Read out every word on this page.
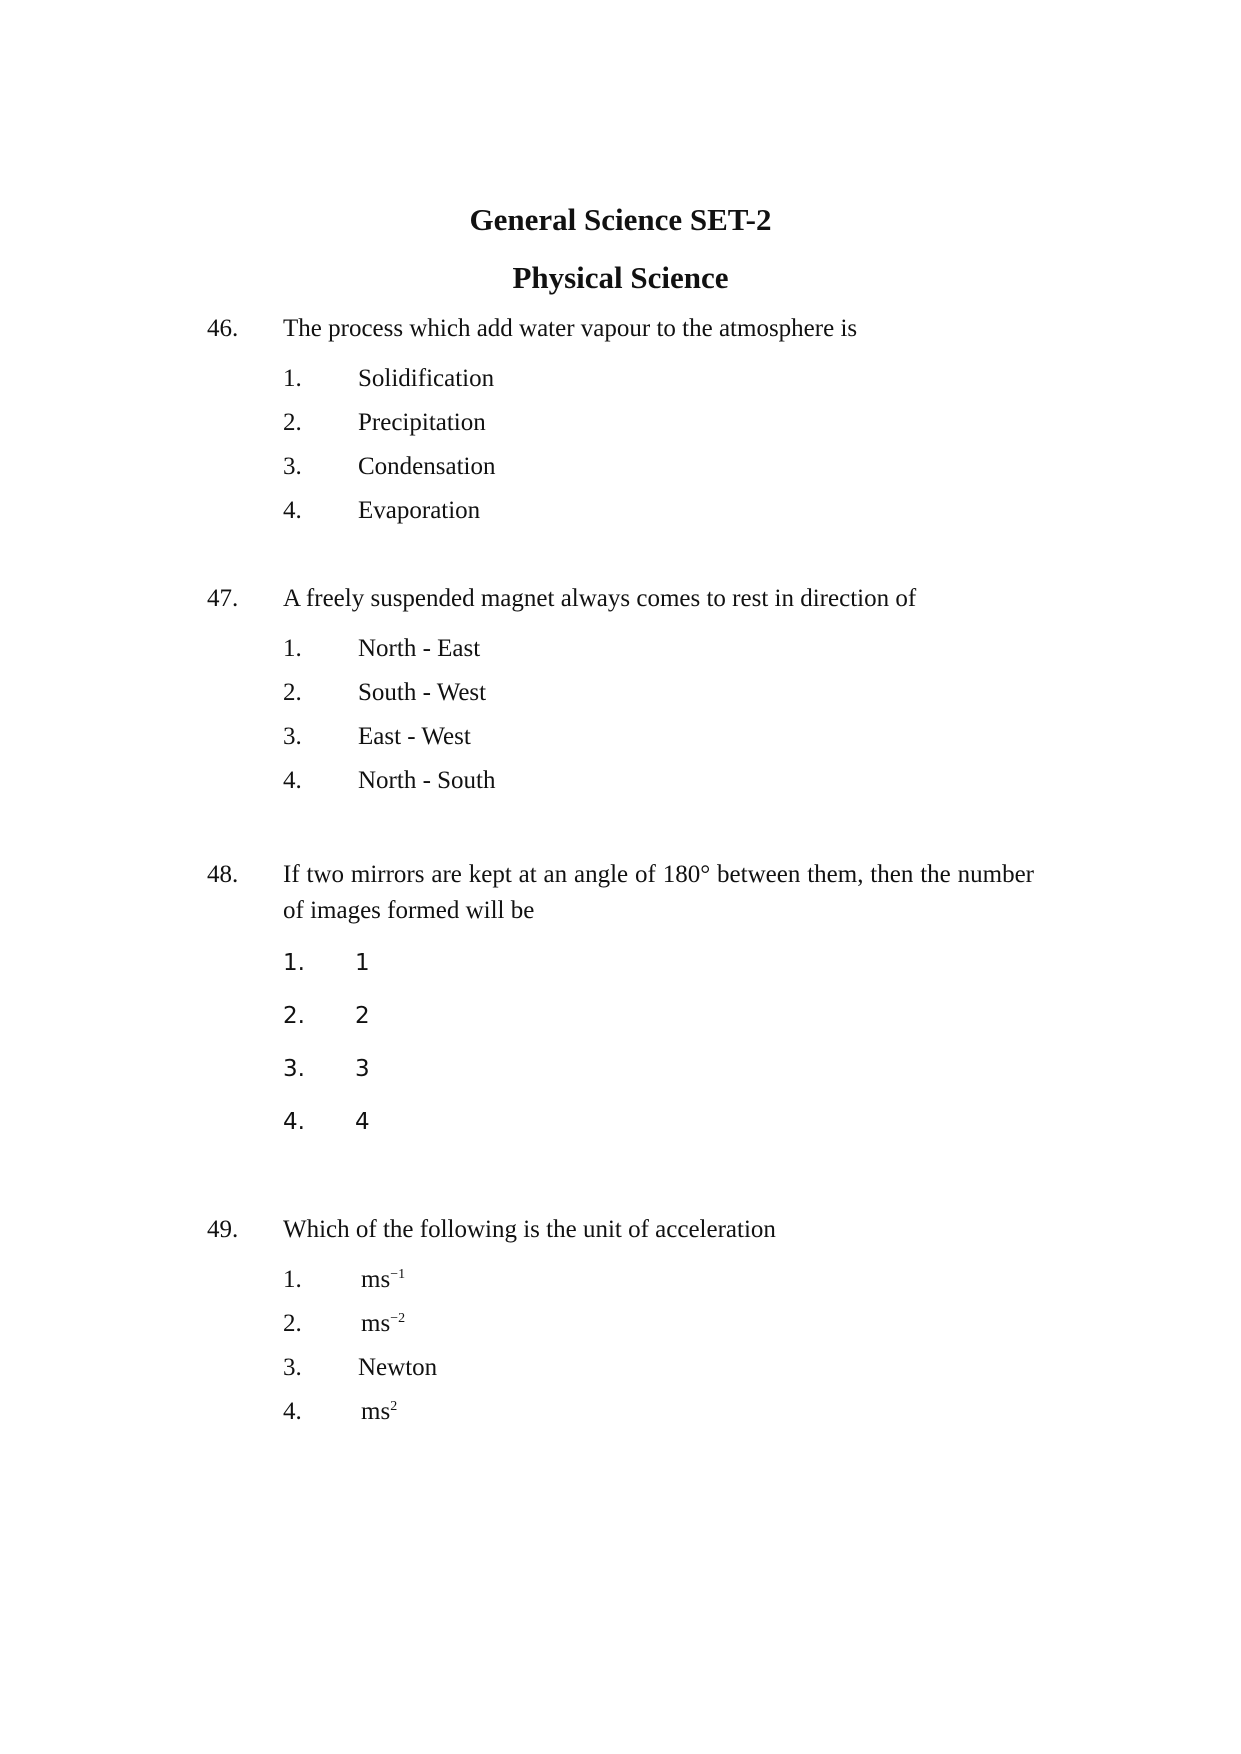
General Science SET-2
Physical Science
46. The process which add water vapour to the atmosphere is
1. Solidification
2. Precipitation
3. Condensation
4. Evaporation
47. A freely suspended magnet always comes to rest in direction of
1. North - East
2. South - West
3. East - West
4. North - South
48. If two mirrors are kept at an angle of 180° between them, then the number of images formed will be
1. 1
2. 2
3. 3
4. 4
49. Which of the following is the unit of acceleration
1. $ms^{-1}$
2. $ms^{-2}$
3. Newton
4. $ms^2$
